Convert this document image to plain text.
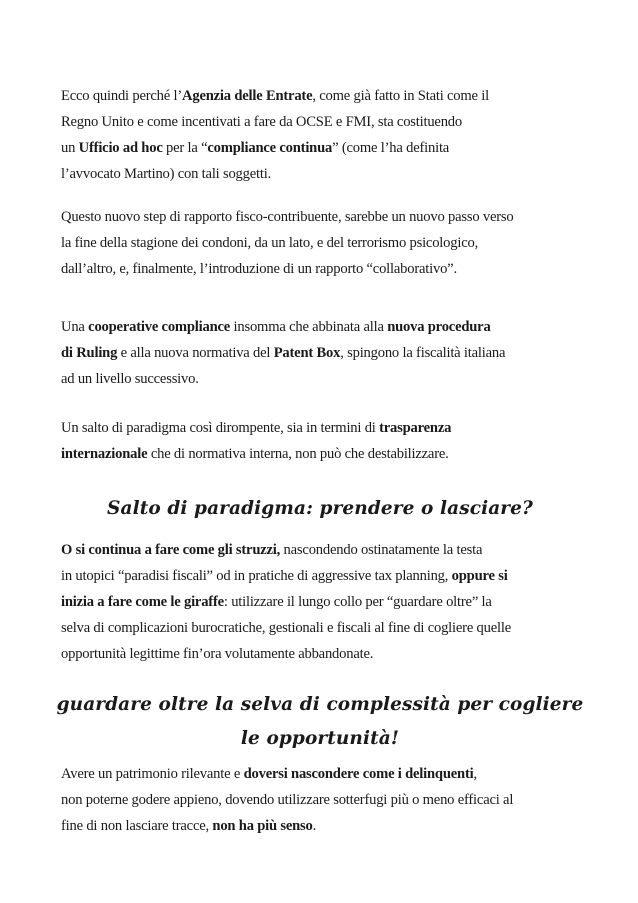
Ecco quindi perché l’Agenzia delle Entrate, come già fatto in Stati come il
Regno Unito e come incentivati a fare da OCSE e FMI, sta costituendo
un Ufficio ad hoc per la “compliance continua” (come l’ha definita
l’avvocato Martino) con tali soggetti.

Questo nuovo step di rapporto fisco-contribuente, sarebbe un nuovo passo verso
la fine della stagione dei condoni, da un lato, e del terrorismo psicologico,
dall’altro, e, finalmente, l’introduzione di un rapporto “collaborativo”.

Una cooperative compliance insomma che abbinata alla nuova procedura
di Ruling e alla nuova normativa del Patent Box, spingono la fiscalità italiana
ad un livello successivo.

Un salto di paradigma così dirompente, sia in termini di trasparenza
internazionale che di normativa interna, non può che destabilizzare.

Salto di paradigma: prendere o lasciare?

O si continua a fare come gli struzzi, nascondendo ostinatamente la testa
in utopici “paradisi fiscali” od in pratiche di aggressive tax planning, oppure si
inizia a fare come le giraffe: utilizzare il lungo collo per “guardare oltre” la
selva di complicazioni burocratiche, gestionali e fiscali al fine di cogliere quelle
opportunità legittime fin’ora volutamente abbandonate.

guardare oltre la selva di complessità per cogliere
le opportunità!

Avere un patrimonio rilevante e doversi nascondere come i delinquenti,
non poterne godere appieno, dovendo utilizzare sotterfugi più o meno efficaci al
fine di non lasciare tracce, non ha più senso.
